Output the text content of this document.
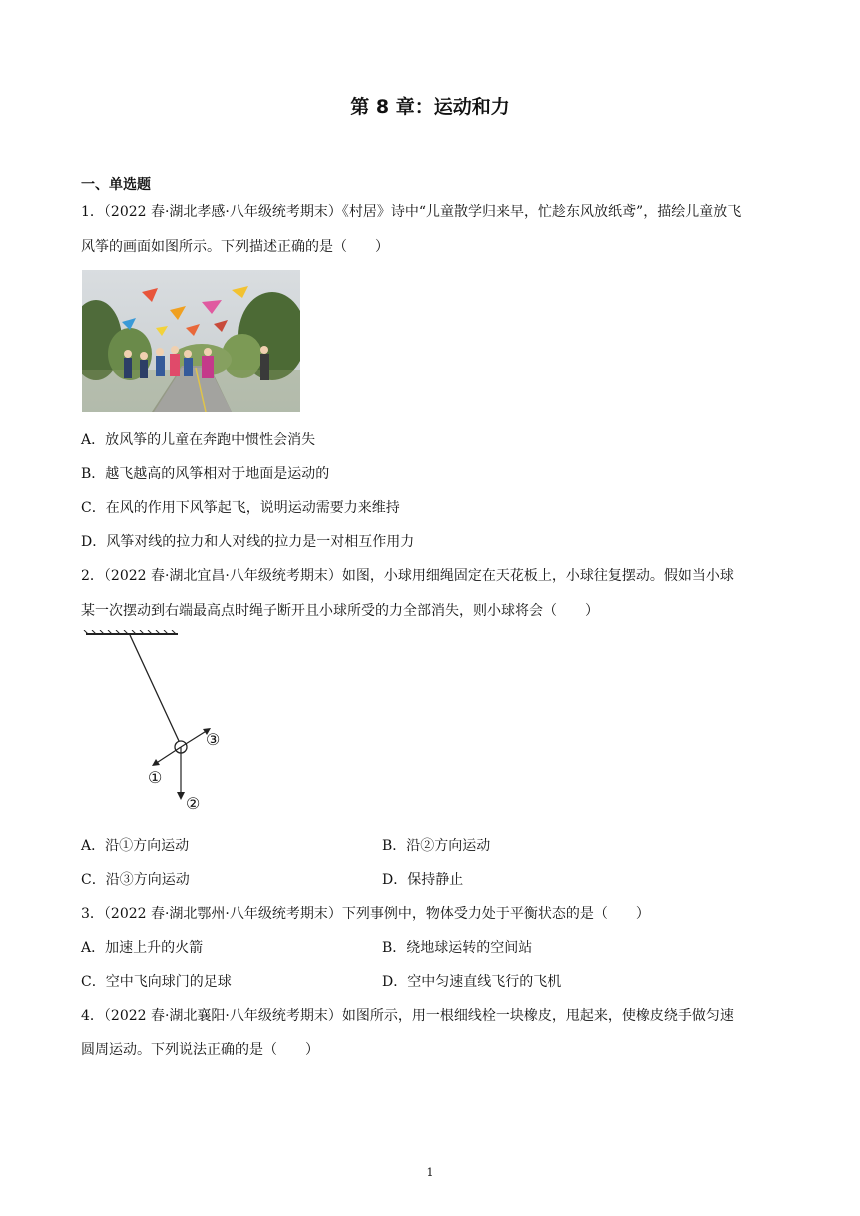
第 8 章：运动和力
一、单选题
1．（2022 春·湖北孝感·八年级统考期末）《村居》诗中“儿童散学归来早，忙趁东风放纸鸢”，描绘儿童放飞
风筝的画面如图所示。下列描述正确的是（　　）
A．放风筝的儿童在奔跑中惯性会消失
B．越飞越高的风筝相对于地面是运动的
C．在风的作用下风筝起飞，说明运动需要力来维持
D．风筝对线的拉力和人对线的拉力是一对相互作用力
2．（2022 春·湖北宜昌·八年级统考期末）如图，小球用细绳固定在天花板上，小球往复摆动。假如当小球
某一次摆动到右端最高点时绳子断开且小球所受的力全部消失，则小球将会（　　）
③
①
②
A．沿①方向运动	B．沿②方向运动
C．沿③方向运动	D．保持静止
3．（2022 春·湖北鄂州·八年级统考期末）下列事例中，物体受力处于平衡状态的是（　　）
A．加速上升的火箭	B．绕地球运转的空间站
C．空中飞向球门的足球	D．空中匀速直线飞行的飞机
4．（2022 春·湖北襄阳·八年级统考期末）如图所示，用一根细线栓一块橡皮，甩起来，使橡皮绕手做匀速
圆周运动。下列说法正确的是（　　）
1
